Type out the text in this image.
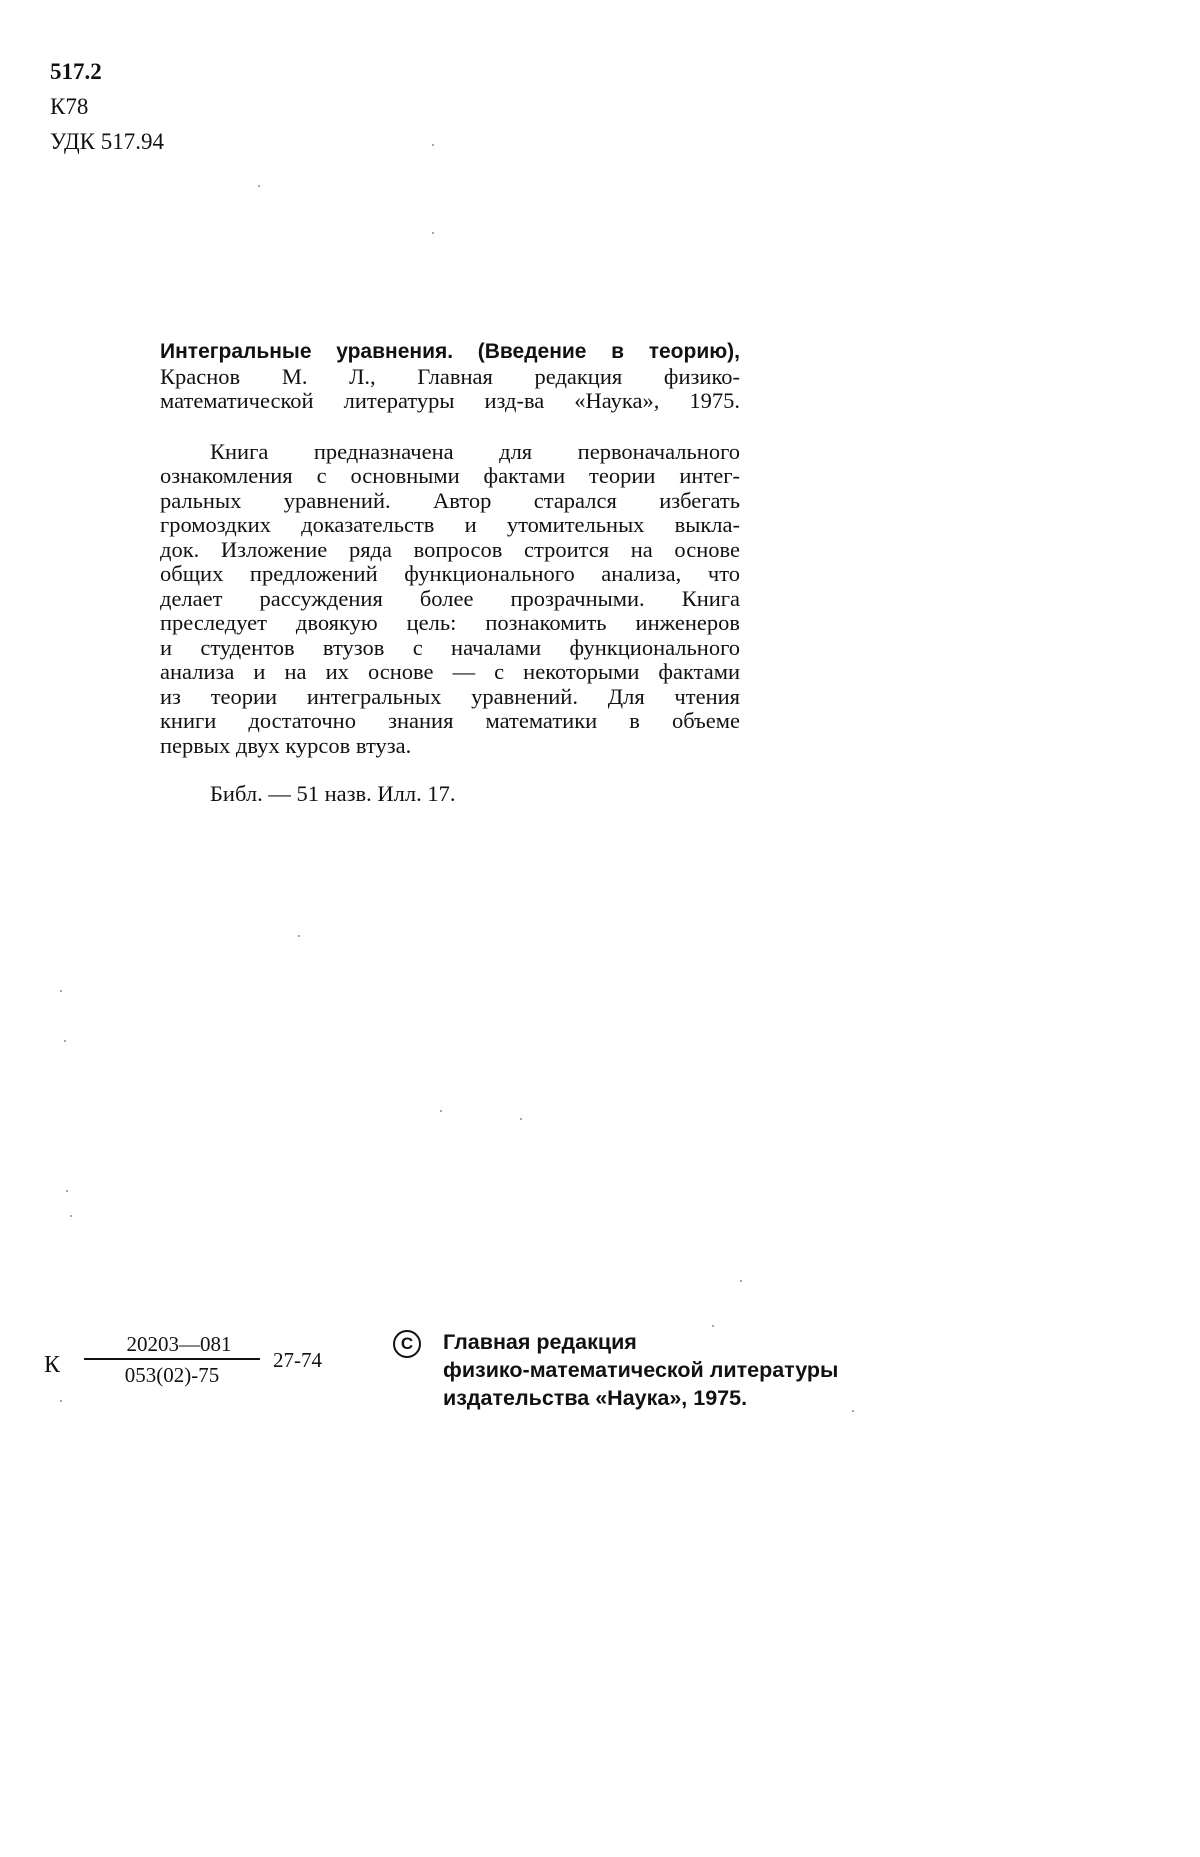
517.2
К78
УДК 517.94

Интегральные уравнения. (Введение в теорию),

Краснов М. Л., Главная редакция физико-

математической литературы изд-ва «Наука», 1975.

Книга предназначена для первоначального

ознакомления с основными фактами теории интег-

ральных уравнений. Автор старался избегать

громоздких доказательств и утомительных выкла-

док. Изложение ряда вопросов строится на основе

общих предложений функционального анализа, что

делает рассуждения более прозрачными. Книга

преследует двоякую цель: познакомить инженеров

и студентов втузов с началами функционального

анализа и на их основе — с некоторыми фактами

из теории интегральных уравнений. Для чтения

книги достаточно знания математики в объеме

первых двух курсов втуза.

Библ. — 51 назв. Илл. 17.

К $\frac{20203—081}{053(02)-75} 27-74$
C	Главная редакция
физико-математической литературы
издательства «Наука», 1975.
